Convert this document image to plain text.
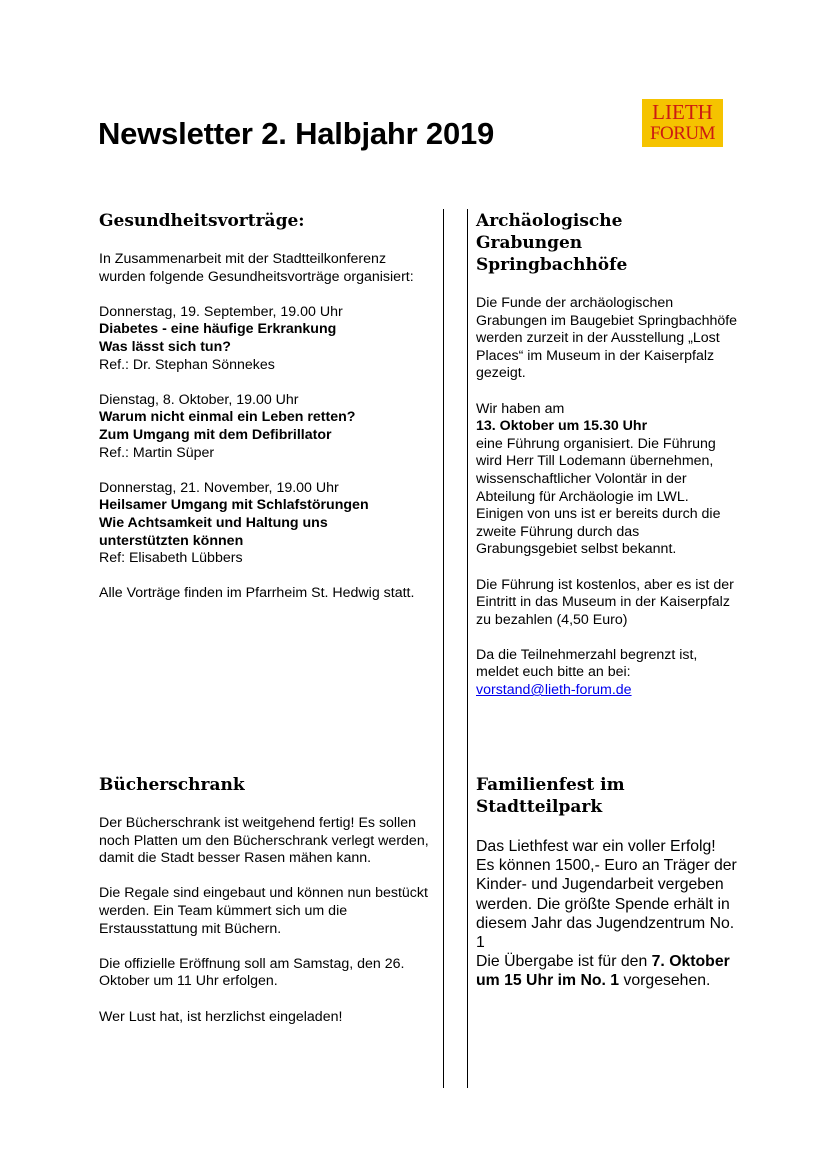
Newsletter 2. Halbjahr 2019
LIETH
FORUM
Gesundheitsvorträge:

In Zusammenarbeit mit der Stadtteilkonferenz wurden folgende Gesundheitsvorträge organisiert:

Donnerstag, 19. September, 19.00 Uhr
Diabetes - eine häufige Erkrankung
Was lässt sich tun?
Ref.: Dr. Stephan Sönnekes

Dienstag, 8. Oktober, 19.00 Uhr
Warum nicht einmal ein Leben retten?
Zum Umgang mit dem Defibrillator
Ref.: Martin Süper

Donnerstag, 21. November, 19.00 Uhr
Heilsamer Umgang mit Schlafstörungen
Wie Achtsamkeit und Haltung uns
unterstützten können
Ref: Elisabeth Lübbers

Alle Vorträge finden im Pfarrheim St. Hedwig statt.

Archäologische Grabungen Springbachhöfe

Die Funde der archäologischen Grabungen im Baugebiet Springbachhöfe werden zurzeit in der Ausstellung „Lost Places“ im Museum in der Kaiserpfalz gezeigt.

Wir haben am
13. Oktober um 15.30 Uhr
eine Führung organisiert. Die Führung wird Herr Till Lodemann übernehmen, wissenschaftlicher Volontär in der Abteilung für Archäologie im LWL. Einigen von uns ist er bereits durch die zweite Führung durch das Grabungsgebiet selbst bekannt.

Die Führung ist kostenlos, aber es ist der Eintritt in das Museum in der Kaiserpfalz zu bezahlen (4,50 Euro)

Da die Teilnehmerzahl begrenzt ist, meldet euch bitte an bei:
vorstand@lieth-forum.de

Bücherschrank

Der Bücherschrank ist weitgehend fertig! Es sollen noch Platten um den Bücherschrank verlegt werden, damit die Stadt besser Rasen mähen kann.

Die Regale sind eingebaut und können nun bestückt werden. Ein Team kümmert sich um die Erstausstattung mit Büchern.

Die offizielle Eröffnung soll am Samstag, den 26. Oktober um 11 Uhr erfolgen.

Wer Lust hat, ist herzlichst eingeladen!

Familienfest im Stadtteilpark
Das Liethfest war ein voller Erfolg! Es können 1500,- Euro an Träger der Kinder- und Jugendarbeit vergeben werden. Die größte Spende erhält in diesem Jahr das Jugendzentrum No. 1
Die Übergabe ist für den 7. Oktober um 15 Uhr im No. 1 vorgesehen.
